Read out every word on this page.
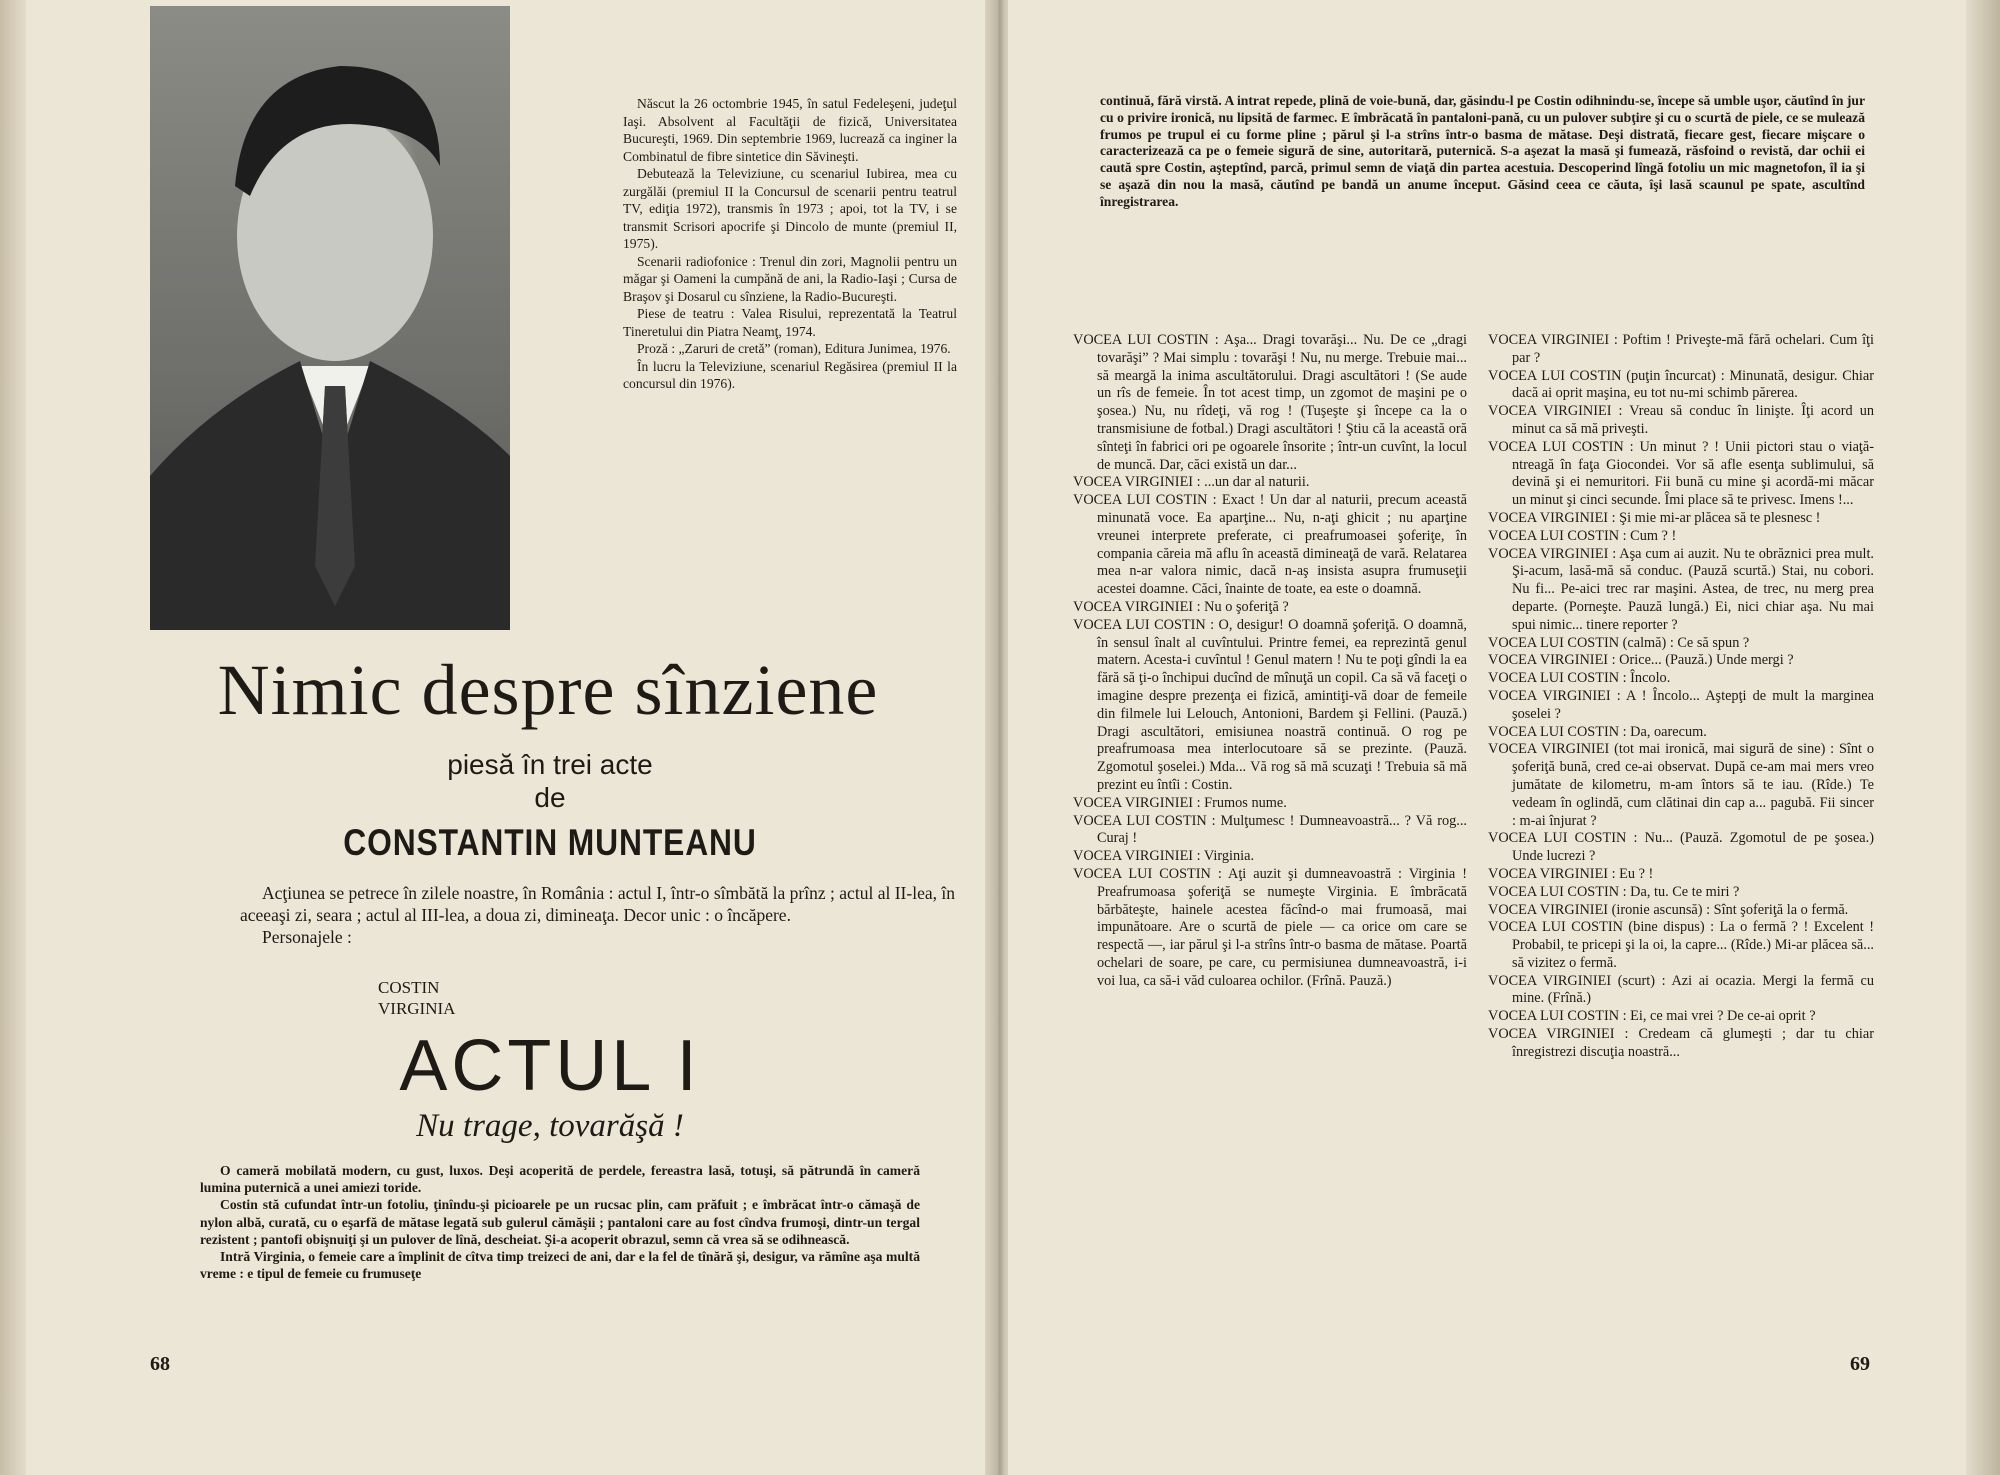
Născut la 26 octombrie 1945, în satul Fedeleşeni, judeţul Iaşi. Absolvent al Facultăţii de fizică, Universitatea Bucureşti, 1969. Din septembrie 1969, lucrează ca inginer la Combinatul de fibre sintetice din Săvineşti.

Debutează la Televiziune, cu scenariul Iubirea, mea cu zurgălăi (premiul II la Concursul de scenarii pentru teatrul TV, ediţia 1972), transmis în 1973 ; apoi, tot la TV, i se transmit Scrisori apocrife şi Dincolo de munte (premiul II, 1975).

Scenarii radiofonice : Trenul din zori, Magnolii pentru un măgar şi Oameni la cumpănă de ani, la Radio-Iaşi ; Cursa de Braşov şi Dosarul cu sînziene, la Radio-Bucureşti.

Piese de teatru : Valea Risului, reprezentată la Teatrul Tineretului din Piatra Neamţ, 1974.

Proză : „Zaruri de cretă” (roman), Editura Junimea, 1976.

În lucru la Televiziune, scenariul Regăsirea (premiul II la concursul din 1976).

Nimic despre sînziene
piesă în trei acte
de
CONSTANTIN MUNTEANU

Acţiunea se petrece în zilele noastre, în România : actul I, într-o sîmbătă la prînz ; actul al II-lea, în aceeaşi zi, seara ; actul al III-lea, a doua zi, dimineaţa. Decor unic : o încăpere.

Personajele :

COSTIN
VIRGINIA
ACTUL I
Nu trage, tovarăşă !

O cameră mobilată modern, cu gust, luxos. Deşi acoperită de perdele, fereastra lasă, totuşi, să pătrundă în cameră lumina puternică a unei amiezi toride.

Costin stă cufundat într-un fotoliu, ţinîndu-şi picioarele pe un rucsac plin, cam prăfuit ; e îmbrăcat într-o cămaşă de nylon albă, curată, cu o eşarfă de mătase legată sub gulerul cămăşii ; pantaloni care au fost cîndva frumoşi, dintr-un tergal rezistent ; pantofi obişnuiţi şi un pulover de lînă, descheiat. Şi-a acoperit obrazul, semn că vrea să se odihnească.

Intră Virginia, o femeie care a împlinit de cîtva timp treizeci de ani, dar e la fel de tînără şi, desigur, va rămîne aşa multă vreme : e tipul de femeie cu frumuseţe

68
continuă, fără virstă. A intrat repede, plină de voie-bună, dar, găsindu-l pe Costin odihnindu-se, începe să umble uşor, căutînd în jur cu o privire ironică, nu lipsită de farmec. E îmbrăcată în pantaloni-pană, cu un pulover subţire şi cu o scurtă de piele, ce se mulează frumos pe trupul ei cu forme pline ; părul şi l-a strîns într-o basma de mătase. Deşi distrată, fiecare gest, fiecare mişcare o caracterizează ca pe o femeie sigură de sine, autoritară, puternică. S-a aşezat la masă şi fumează, răsfoind o revistă, dar ochii ei caută spre Costin, aşteptînd, parcă, primul semn de viaţă din partea acestuia. Descoperind lîngă fotoliu un mic magnetofon, îl ia şi se aşază din nou la masă, căutînd pe bandă un anume început. Găsind ceea ce căuta, îşi lasă scaunul pe spate, ascultînd înregistrarea.

VOCEA LUI COSTIN : Aşa... Dragi tovarăşi... Nu. De ce „dragi tovarăşi” ? Mai simplu : tovarăşi ! Nu, nu merge. Trebuie mai... să meargă la inima ascultătorului. Dragi ascultători ! (Se aude un rîs de femeie. În tot acest timp, un zgomot de maşini pe o şosea.) Nu, nu rîdeţi, vă rog ! (Tuşeşte şi începe ca la o transmisiune de fotbal.) Dragi ascultători ! Ştiu că la această oră sînteţi în fabrici ori pe ogoarele însorite ; într-un cuvînt, la locul de muncă. Dar, căci există un dar...

VOCEA VIRGINIEI : ...un dar al naturii.

VOCEA LUI COSTIN : Exact ! Un dar al naturii, precum această minunată voce. Ea aparţine... Nu, n-aţi ghicit ; nu aparţine vreunei interprete preferate, ci preafrumoasei şoferiţe, în compania căreia mă aflu în această dimineaţă de vară. Relatarea mea n-ar valora nimic, dacă n-aş insista asupra frumuseţii acestei doamne. Căci, înainte de toate, ea este o doamnă.

VOCEA VIRGINIEI : Nu o şoferiţă ?

VOCEA LUI COSTIN : O, desigur! O doamnă şoferiţă. O doamnă, în sensul înalt al cuvîntului. Printre femei, ea reprezintă genul matern. Acesta-i cuvîntul ! Genul matern ! Nu te poţi gîndi la ea fără să ţi-o închipui ducînd de mînuţă un copil. Ca să vă faceţi o imagine despre prezenţa ei fizică, amintiţi-vă doar de femeile din filmele lui Lelouch, Antonioni, Bardem şi Fellini. (Pauză.) Dragi ascultători, emisiunea noastră continuă. O rog pe preafrumoasa mea interlocutoare să se prezinte. (Pauză. Zgomotul şoselei.) Mda... Vă rog să mă scuzaţi ! Trebuia să mă prezint eu întîi : Costin.

VOCEA VIRGINIEI : Frumos nume.

VOCEA LUI COSTIN : Mulţumesc ! Dumneavoastră... ? Vă rog... Curaj !

VOCEA VIRGINIEI : Virginia.

VOCEA LUI COSTIN : Aţi auzit şi dumneavoastră : Virginia ! Preafrumoasa şoferiţă se numeşte Virginia. E îmbrăcată bărbăteşte, hainele acestea făcînd-o mai frumoasă, mai impunătoare. Are o scurtă de piele — ca orice om care se respectă —, iar părul şi l-a strîns într-o basma de mătase. Poartă ochelari de soare, pe care, cu permisiunea dumneavoastră, i-i voi lua, ca să-i văd culoarea ochilor. (Frînă. Pauză.)

VOCEA VIRGINIEI : Poftim ! Priveşte-mă fără ochelari. Cum îţi par ?

VOCEA LUI COSTIN (puţin încurcat) : Minunată, desigur. Chiar dacă ai oprit maşina, eu tot nu-mi schimb părerea.

VOCEA VIRGINIEI : Vreau să conduc în linişte. Îţi acord un minut ca să mă priveşti.

VOCEA LUI COSTIN : Un minut ? ! Unii pictori stau o viaţă-ntreagă în faţa Giocondei. Vor să afle esenţa sublimului, să devină şi ei nemuritori. Fii bună cu mine şi acordă-mi măcar un minut şi cinci secunde. Îmi place să te privesc. Imens !...

VOCEA VIRGINIEI : Şi mie mi-ar plăcea să te plesnesc !

VOCEA LUI COSTIN : Cum ? !

VOCEA VIRGINIEI : Aşa cum ai auzit. Nu te obrăznici prea mult. Şi-acum, lasă-mă să conduc. (Pauză scurtă.) Stai, nu cobori. Nu fi... Pe-aici trec rar maşini. Astea, de trec, nu merg prea departe. (Porneşte. Pauză lungă.) Ei, nici chiar aşa. Nu mai spui nimic... tinere reporter ?

VOCEA LUI COSTIN (calmă) : Ce să spun ?

VOCEA VIRGINIEI : Orice... (Pauză.) Unde mergi ?

VOCEA LUI COSTIN : Încolo.

VOCEA VIRGINIEI : A ! Încolo... Aştepţi de mult la marginea şoselei ?

VOCEA LUI COSTIN : Da, oarecum.

VOCEA VIRGINIEI (tot mai ironică, mai sigură de sine) : Sînt o şoferiţă bună, cred ce-ai observat. După ce-am mai mers vreo jumătate de kilometru, m-am întors să te iau. (Rîde.) Te vedeam în oglindă, cum clătinai din cap a... pagubă. Fii sincer : m-ai înjurat ?

VOCEA LUI COSTIN : Nu... (Pauză. Zgomotul de pe şosea.) Unde lucrezi ?

VOCEA VIRGINIEI : Eu ? !

VOCEA LUI COSTIN : Da, tu. Ce te miri ?

VOCEA VIRGINIEI (ironie ascunsă) : Sînt şoferiţă la o fermă.

VOCEA LUI COSTIN (bine dispus) : La o fermă ? ! Excelent ! Probabil, te pricepi şi la oi, la capre... (Rîde.) Mi-ar plăcea să... să vizitez o fermă.

VOCEA VIRGINIEI (scurt) : Azi ai ocazia. Mergi la fermă cu mine. (Frînă.)

VOCEA LUI COSTIN : Ei, ce mai vrei ? De ce-ai oprit ?

VOCEA VIRGINIEI : Credeam că glumeşti ; dar tu chiar înregistrezi discuţia noastră...

69
